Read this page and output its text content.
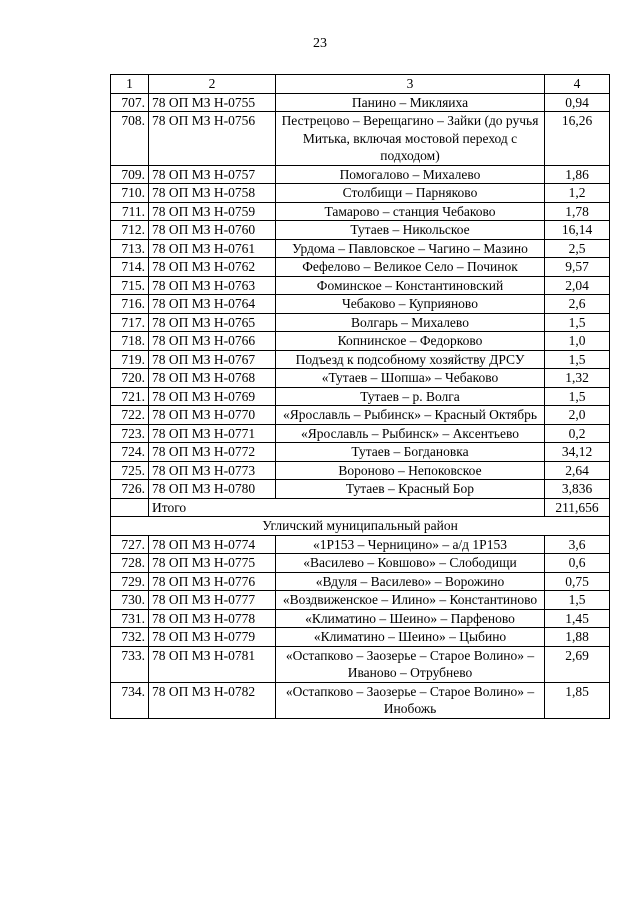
23
1	2	3	4
707.	78 ОП МЗ Н-0755	Панино – Микляиха	0,94
708.	78 ОП МЗ Н-0756	Пестрецово – Верещагино – Зайки (до ручья Митька, включая мостовой переход с подходом)	16,26
709.	78 ОП МЗ Н-0757	Помогалово – Михалево	1,86
710.	78 ОП МЗ Н-0758	Столбищи – Парняково	1,2
711.	78 ОП МЗ Н-0759	Тамарово – станция Чебаково	1,78
712.	78 ОП МЗ Н-0760	Тутаев – Никольское	16,14
713.	78 ОП МЗ Н-0761	Урдома – Павловское – Чагино – Мазино	2,5
714.	78 ОП МЗ Н-0762	Фефелово – Великое Село – Починок	9,57
715.	78 ОП МЗ Н-0763	Фоминское – Константиновский	2,04
716.	78 ОП МЗ Н-0764	Чебаково – Куприяново	2,6
717.	78 ОП МЗ Н-0765	Волгарь – Михалево	1,5
718.	78 ОП МЗ Н-0766	Копнинское – Федорково	1,0
719.	78 ОП МЗ Н-0767	Подъезд к подсобному хозяйству ДРСУ	1,5
720.	78 ОП МЗ Н-0768	«Тутаев – Шопша» – Чебаково	1,32
721.	78 ОП МЗ Н-0769	Тутаев – р. Волга	1,5
722.	78 ОП МЗ Н-0770	«Ярославль – Рыбинск» – Красный Октябрь	2,0
723.	78 ОП МЗ Н-0771	«Ярославль – Рыбинск» – Аксентьево	0,2
724.	78 ОП МЗ Н-0772	Тутаев – Богдановка	34,12
725.	78 ОП МЗ Н-0773	Вороново – Непоковское	2,64
726.	78 ОП МЗ Н-0780	Тутаев – Красный Бор	3,836
	Итого		211,656
Угличский муниципальный район			
727.	78 ОП МЗ Н-0774	«1Р153 – Черницино» – а/д 1Р153	3,6
728.	78 ОП МЗ Н-0775	«Василево – Ковшово» – Слободищи	0,6
729.	78 ОП МЗ Н-0776	«Вдуля – Василево» – Ворожино	0,75
730.	78 ОП МЗ Н-0777	«Воздвиженское – Илино» – Константиново	1,5
731.	78 ОП МЗ Н-0778	«Климатино – Шеино» – Парфеново	1,45
732.	78 ОП МЗ Н-0779	«Климатино – Шеино» – Цыбино	1,88
733.	78 ОП МЗ Н-0781	«Остапково – Заозерье – Старое Волино» – Иваново – Отрубнево	2,69
734.	78 ОП МЗ Н-0782	«Остапково – Заозерье – Старое Волино» – Инобожь	1,85
